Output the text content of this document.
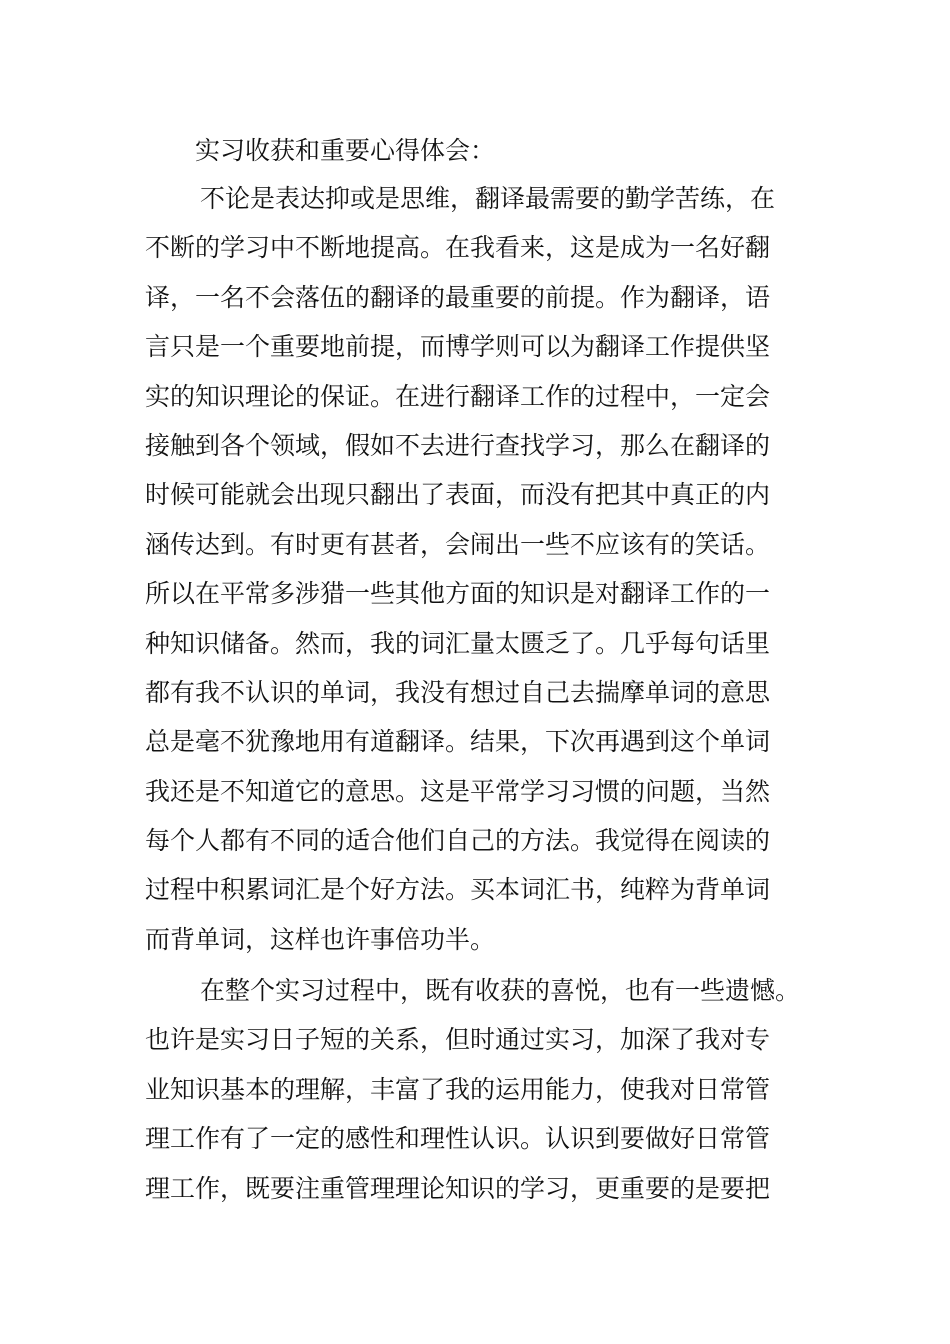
实习收获和重要心得体会：
不论是表达抑或是思维，翻译最需要的勤学苦练，在
不断的学习中不断地提高。在我看来，这是成为一名好翻
译，一名不会落伍的翻译的最重要的前提。作为翻译，语
言只是一个重要地前提，而博学则可以为翻译工作提供坚
实的知识理论的保证。在进行翻译工作的过程中，一定会
接触到各个领域，假如不去进行查找学习，那么在翻译的
时候可能就会出现只翻出了表面，而没有把其中真正的内
涵传达到。有时更有甚者，会闹出一些不应该有的笑话。
所以在平常多涉猎一些其他方面的知识是对翻译工作的一
种知识储备。然而，我的词汇量太匮乏了。几乎每句话里
都有我不认识的单词，我没有想过自己去揣摩单词的意思
总是毫不犹豫地用有道翻译。结果，下次再遇到这个单词
我还是不知道它的意思。这是平常学习习惯的问题，当然
每个人都有不同的适合他们自己的方法。我觉得在阅读的
过程中积累词汇是个好方法。买本词汇书，纯粹为背单词
而背单词，这样也许事倍功半。
在整个实习过程中，既有收获的喜悦，也有一些遗憾。
也许是实习日子短的关系，但时通过实习，加深了我对专
业知识基本的理解，丰富了我的运用能力，使我对日常管
理工作有了一定的感性和理性认识。认识到要做好日常管
理工作，既要注重管理理论知识的学习，更重要的是要把
